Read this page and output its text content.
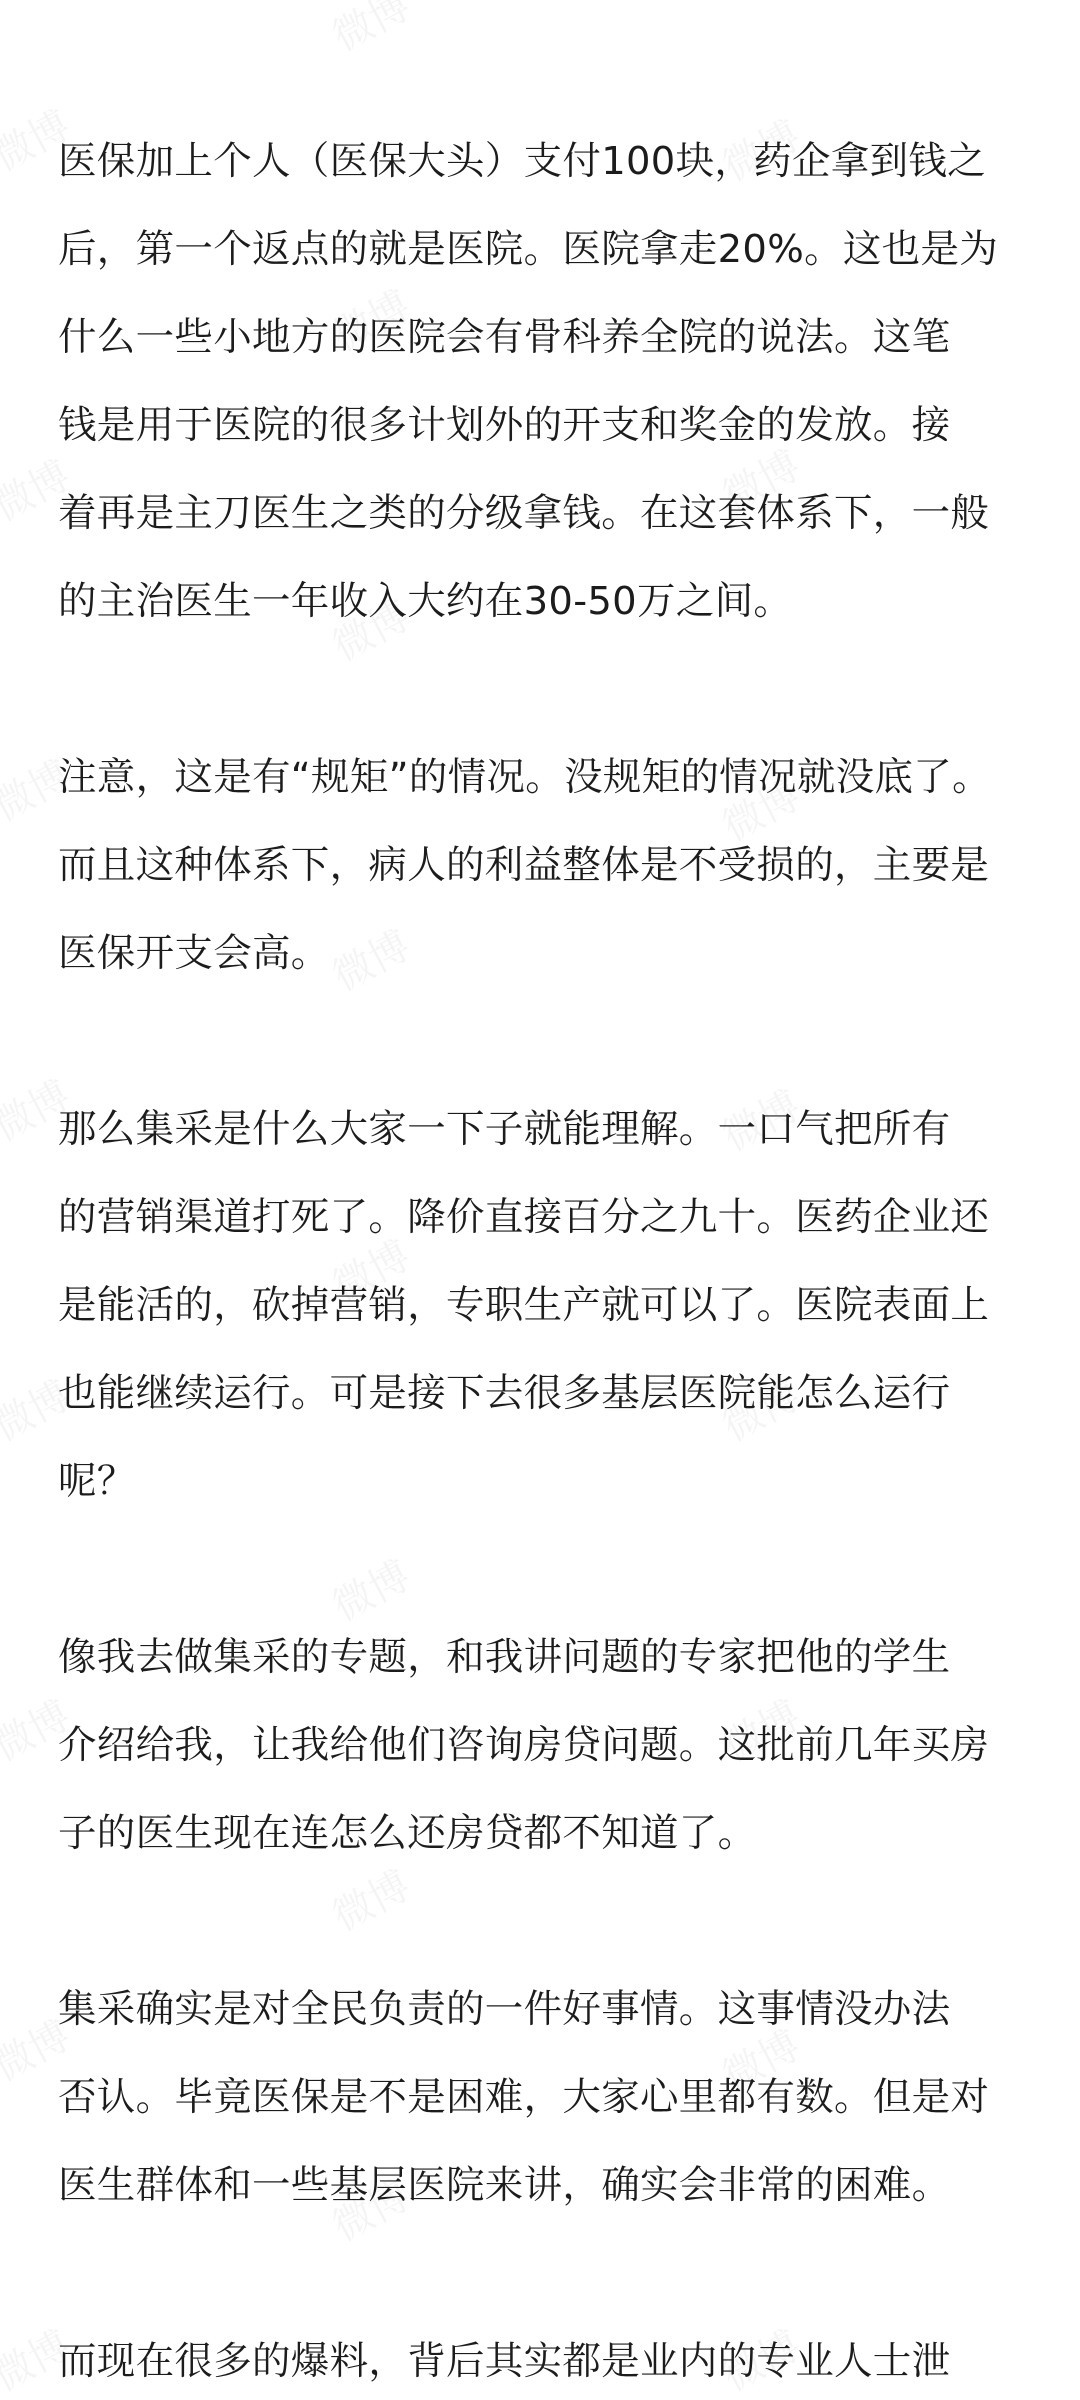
医保加上个人（医保大头）支付100块，药企拿到钱之
后，第一个返点的就是医院。医院拿走20%。这也是为
什么一些小地方的医院会有骨科养全院的说法。这笔
钱是用于医院的很多计划外的开支和奖金的发放。接
着再是主刀医生之类的分级拿钱。在这套体系下，一般
的主治医生一年收入大约在30-50万之间。

注意，这是有“规矩”的情况。没规矩的情况就没底了。
而且这种体系下，病人的利益整体是不受损的，主要是
医保开支会高。

那么集采是什么大家一下子就能理解。一口气把所有
的营销渠道打死了。降价直接百分之九十。医药企业还
是能活的，砍掉营销，专职生产就可以了。医院表面上
也能继续运行。可是接下去很多基层医院能怎么运行
呢？

像我去做集采的专题，和我讲问题的专家把他的学生
介绍给我，让我给他们咨询房贷问题。这批前几年买房
子的医生现在连怎么还房贷都不知道了。

集采确实是对全民负责的一件好事情。这事情没办法
否认。毕竟医保是不是困难，大家心里都有数。但是对
医生群体和一些基层医院来讲，确实会非常的困难。

而现在很多的爆料，背后其实都是业内的专业人士泄
